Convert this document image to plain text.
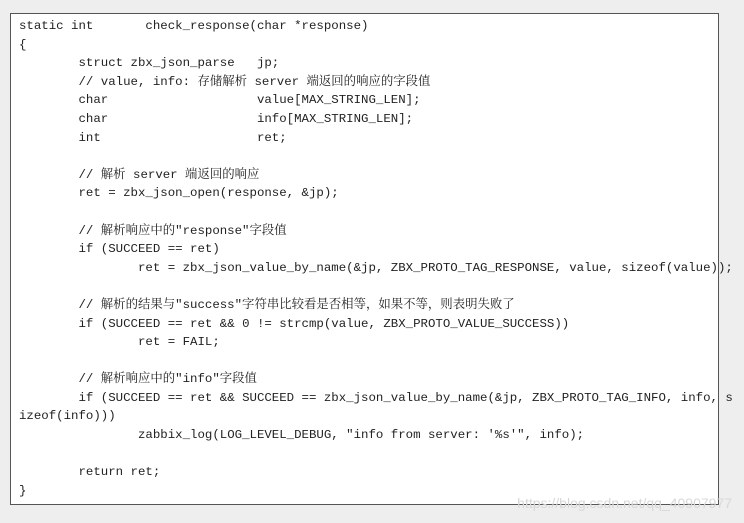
static int       check_response(char *response)
{
struct zbx_json_parse   jp;
// value, info: 存储解析 server 端返回的响应的字段值
char                    value[MAX_STRING_LEN];
char                    info[MAX_STRING_LEN];
int                     ret;
// 解析 server 端返回的响应
ret = zbx_json_open(response, &jp);
// 解析响应中的"response"字段值
if (SUCCEED == ret)
ret = zbx_json_value_by_name(&jp, ZBX_PROTO_TAG_RESPONSE, value, sizeof(value));
// 解析的结果与"success"字符串比较看是否相等，如果不等，则表明失败了
if (SUCCEED == ret && 0 != strcmp(value, ZBX_PROTO_VALUE_SUCCESS))
ret = FAIL;
// 解析响应中的"info"字段值
if (SUCCEED == ret && SUCCEED == zbx_json_value_by_name(&jp, ZBX_PROTO_TAG_INFO, info, s
izeof(info)))
zabbix_log(LOG_LEVEL_DEBUG, "info from server: '%s'", info);
return ret;
}
https://blog.csdn.net/qq_40907977
